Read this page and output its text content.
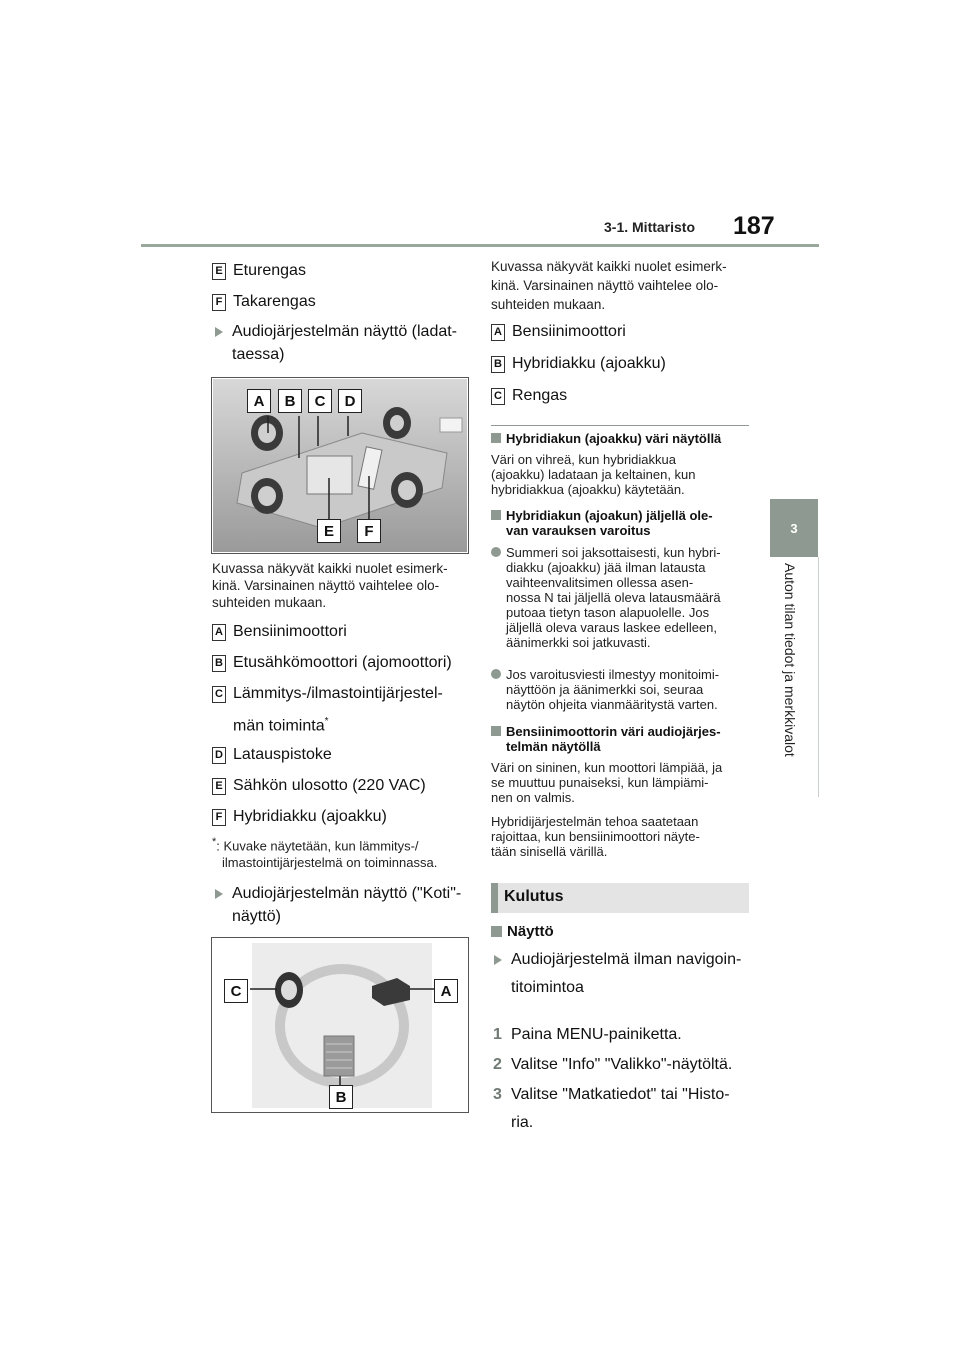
3-1. Mittaristo 187
3
Auton tilan tiedot ja merkkivalot
E Eturengas
F Takarengas
Audiojärjestelmän näyttö (ladat-
taessa)
A	B	C	D
E	F
Kuvassa näkyvät kaikki nuolet esimerk-
kinä. Varsinainen näyttö vaihtelee olo-
suhteiden mukaan.
A Bensiinimoottori
B Etusähkömoottori (ajomoottori)
C Lämmitys-/ilmastointijärjestel-
män toiminta*
D Latauspistoke
E Sähkön ulosotto (220 VAC)
F Hybridiakku (ajoakku)
*: Kuvake näytetään, kun lämmitys-/
ilmastointijärjestelmä on toiminnassa.
Audiojärjestelmän näyttö ("Koti"-
näyttö)
C	A
B
Kuvassa näkyvät kaikki nuolet esimerk-
kinä. Varsinainen näyttö vaihtelee olo-
suhteiden mukaan.
A Bensiinimoottori
B Hybridiakku (ajoakku)
C Rengas
Hybridiakun (ajoakku) väri näytöllä
Väri on vihreä, kun hybridiakkua
(ajoakku) ladataan ja keltainen, kun
hybridiakkua (ajoakku) käytetään.
Hybridiakun (ajoakun) jäljellä ole-
van varauksen varoitus
Summeri soi jaksottaisesti, kun hybri-
diakku (ajoakku) jää ilman latausta
vaihteenvalitsimen ollessa asen-
nossa N tai jäljellä oleva latausmäärä
putoaa tietyn tason alapuolelle. Jos
jäljellä oleva varaus laskee edelleen,
äänimerkki soi jatkuvasti.
Jos varoitusviesti ilmestyy monitoimi-
näyttöön ja äänimerkki soi, seuraa
näytön ohjeita vianmääritystä varten.
Bensiinimoottorin väri audiojärjes-
telmän näytöllä
Väri on sininen, kun moottori lämpiää, ja
se muuttuu punaiseksi, kun lämpiämi-
nen on valmis.
Hybridijärjestelmän tehoa saatetaan
rajoittaa, kun bensiinimoottori näyte-
tään sinisellä värillä.
Kulutus
Näyttö
Audiojärjestelmä ilman navigoin-
titoimintoa
1 Paina MENU-painiketta.
2 Valitse "Info" "Valikko"-näytöltä.
3 Valitse "Matkatiedot" tai "Histo-
ria.
